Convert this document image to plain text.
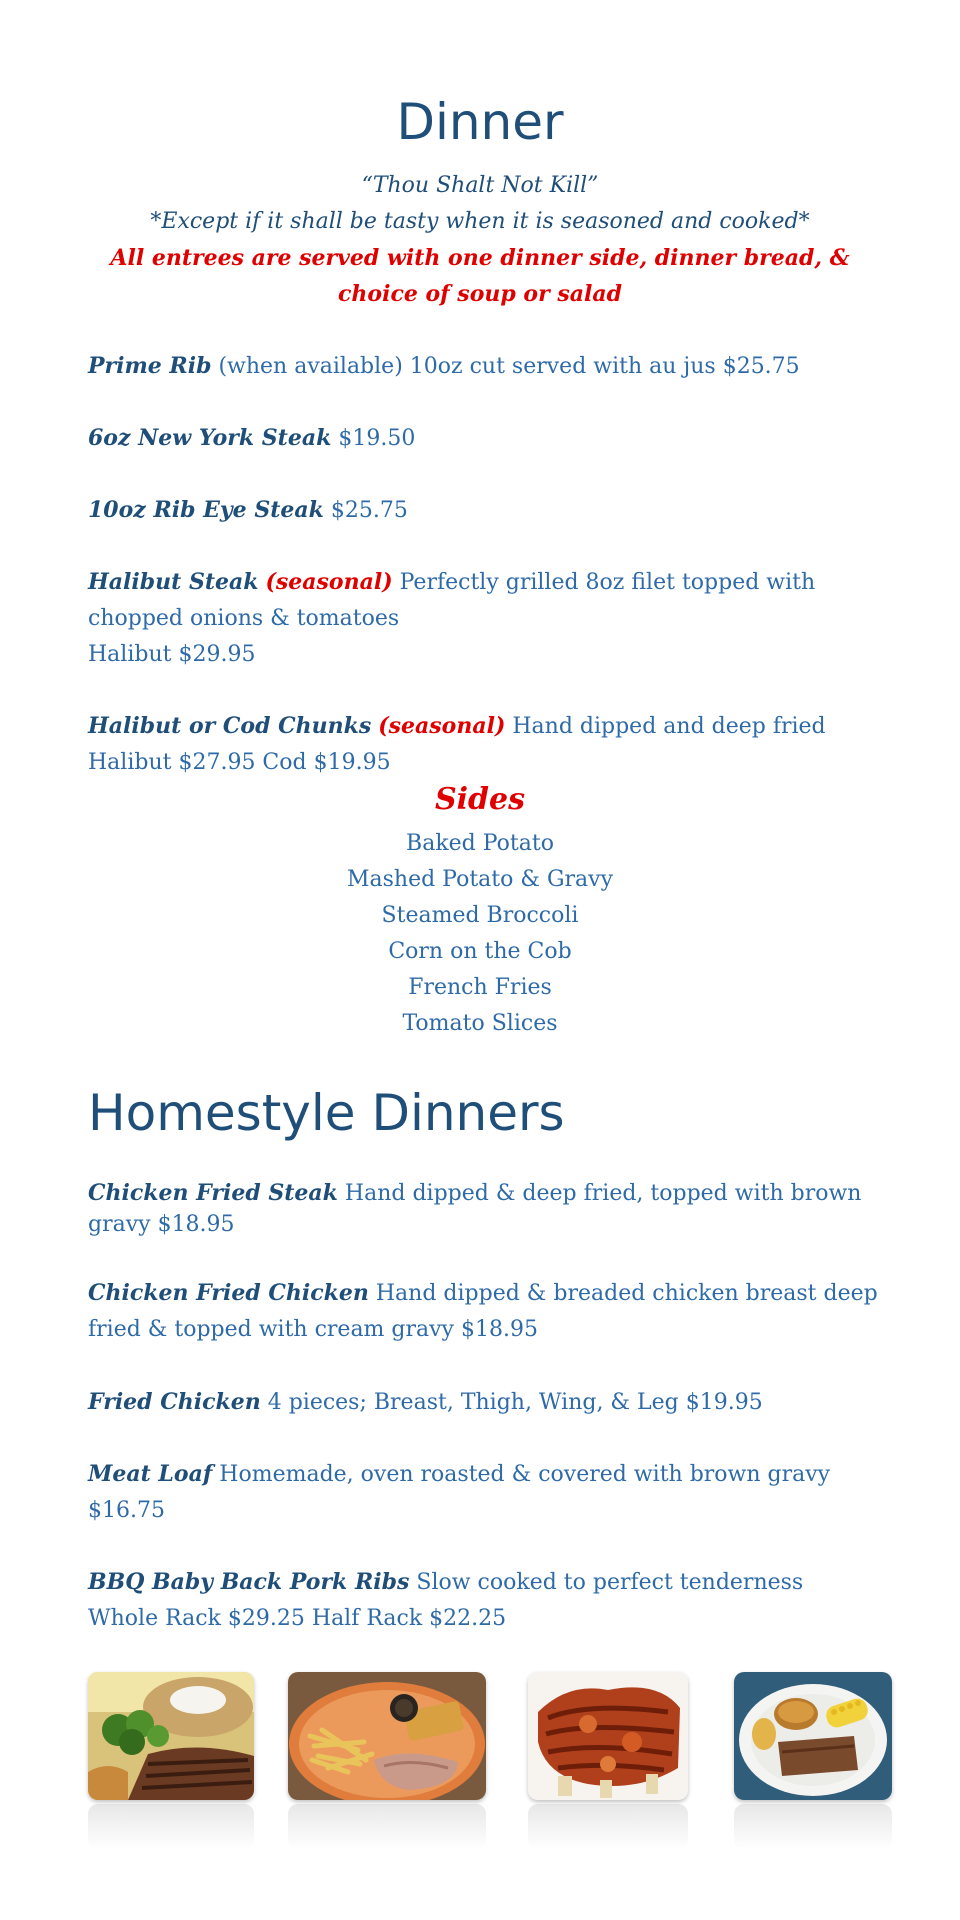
Dinner
“Thou Shalt Not Kill”
*Except if it shall be tasty when it is seasoned and cooked*
All entrees are served with one dinner side, dinner bread, &
choice of soup or salad

Prime Rib (when available) 10oz cut served with au jus $25.75

6oz New York Steak $19.50

10oz Rib Eye Steak $25.75

Halibut Steak (seasonal) Perfectly grilled 8oz filet topped with chopped onions & tomatoes

Halibut $29.95

Halibut or Cod Chunks (seasonal) Hand dipped and deep fried

Halibut $27.95 Cod $19.95

Sides
Baked Potato
Mashed Potato & Gravy
Steamed Broccoli
Corn on the Cob
French Fries
Tomato Slices
Homestyle Dinners

Chicken Fried Steak Hand dipped & deep fried, topped with brown gravy $18.95

Chicken Fried Chicken Hand dipped & breaded chicken breast deep fried & topped with cream gravy $18.95

Fried Chicken 4 pieces; Breast, Thigh, Wing, & Leg $19.95

Meat Loaf Homemade, oven roasted & covered with brown gravy $16.75

BBQ Baby Back Pork Ribs Slow cooked to perfect tenderness

Whole Rack $29.25 Half Rack $22.25
